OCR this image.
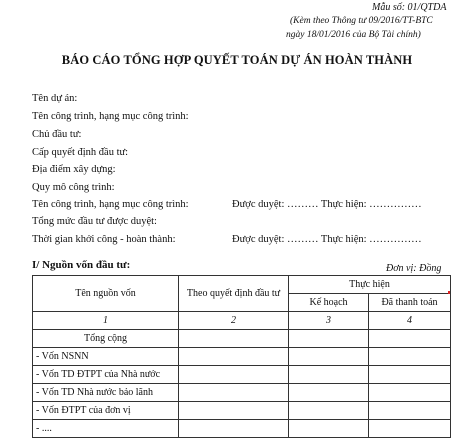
Mẫu số: 01/QTDA
(Kèm theo Thông tư 09/2016/TT-BTC
ngày 18/01/2016 của Bộ Tài chính)
BÁO CÁO TỔNG HỢP QUYẾT TOÁN DỰ ÁN HOÀN THÀNH
Tên dự án:
Tên công trình, hạng mục công trình:
Chủ đầu tư:
Cấp quyết định đầu tư:
Địa điểm xây dựng:
Quy mô công trình:
Tên công trình, hạng mục công trình:	Được duyệt: ……… Thực hiện: ……………
Tổng mức đầu tư được duyệt:
Thời gian khởi công - hoàn thành:	Được duyệt: ……… Thực hiện: ……………
I/ Nguồn vốn đầu tư:	Đơn vị: Đồng
Tên nguồn vốn	Theo quyết định đầu tư	Thực hiện	
		Kế hoạch	Đã thanh toán
1	2	3	4
Tổng cộng			
- Vốn NSNN			
- Vốn TD ĐTPT của Nhà nước			
- Vốn TD Nhà nước bảo lãnh			
- Vốn ĐTPT của đơn vị			
- ....			
